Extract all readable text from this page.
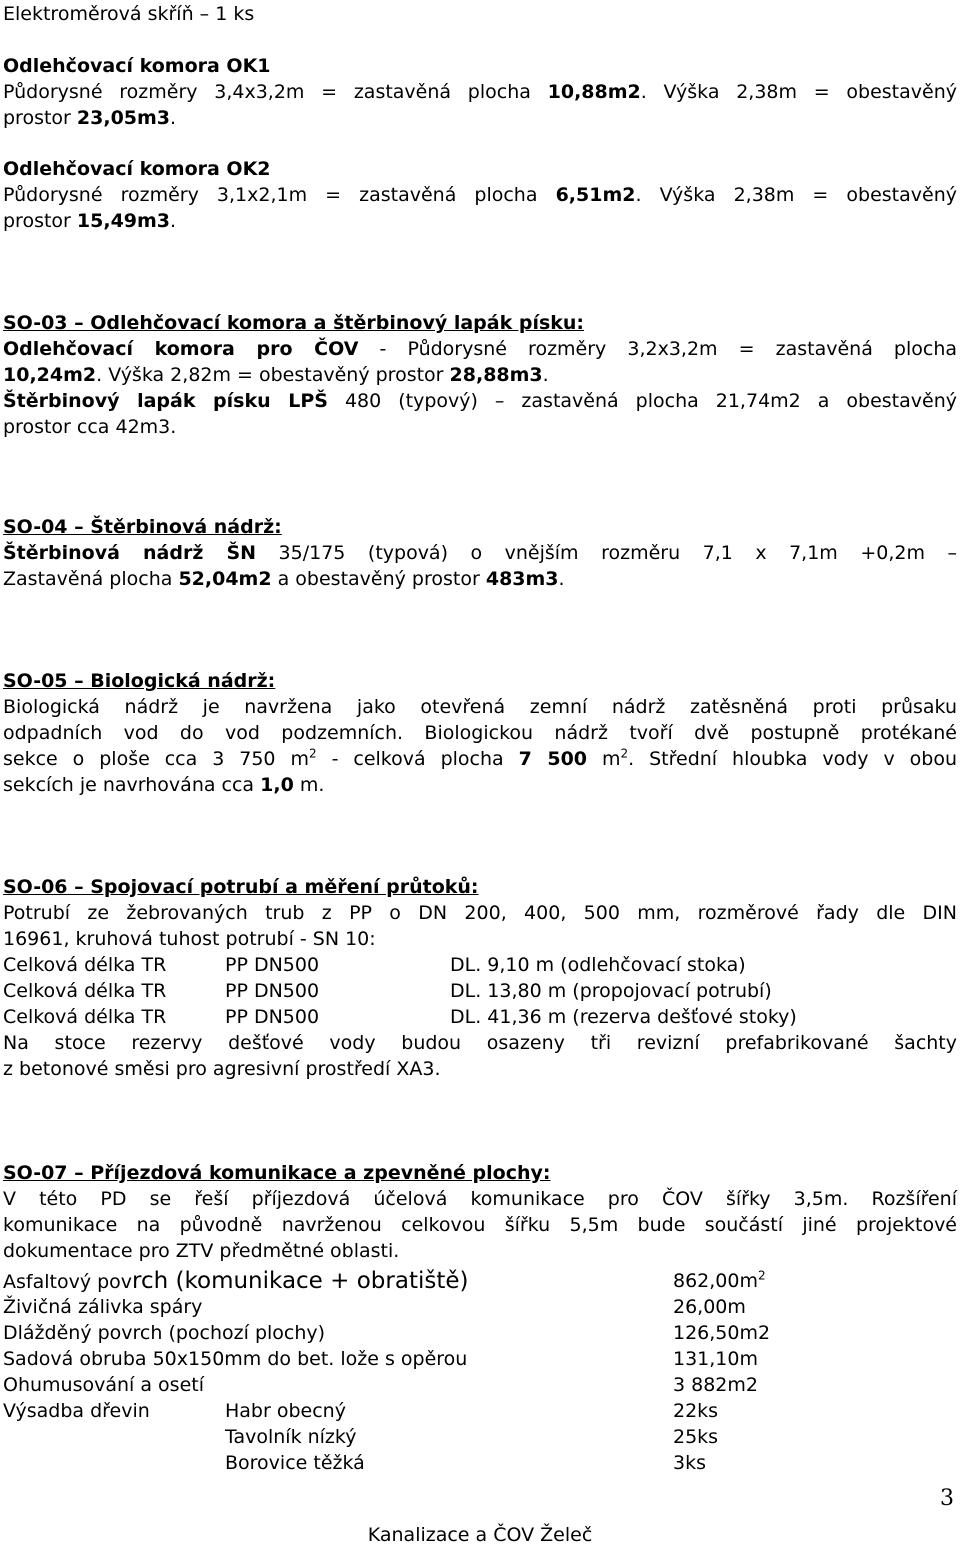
Elektroměrová skříň – 1 ks

Odlehčovací komora OK1

Půdorysné rozměry 3,4x3,2m = zastavěná plocha 10,88m2. Výška 2,38m = obestavěný

prostor 23,05m3.

Odlehčovací komora OK2

Půdorysné rozměry 3,1x2,1m = zastavěná plocha 6,51m2. Výška 2,38m = obestavěný

prostor 15,49m3.

SO-03 – Odlehčovací komora a štěrbinový lapák písku:

Odlehčovací komora pro ČOV - Půdorysné rozměry 3,2x3,2m = zastavěná plocha

10,24m2. Výška 2,82m = obestavěný prostor 28,88m3.

Štěrbinový lapák písku LPŠ 480 (typový) – zastavěná plocha 21,74m2 a obestavěný

prostor cca 42m3.

SO-04 – Štěrbinová nádrž:

Štěrbinová nádrž ŠN 35/175 (typová) o vnějším rozměru 7,1 x 7,1m +0,2m –

Zastavěná plocha 52,04m2 a obestavěný prostor 483m3.

SO-05 – Biologická nádrž:

Biologická nádrž je navržena jako otevřená zemní nádrž zatěsněná proti průsaku

odpadních vod do vod podzemních. Biologickou nádrž tvoří dvě postupně protékané

sekce o ploše cca 3 750 $m^2$ - celková plocha 7 500 $m^2$. Střední hloubka vody v obou

sekcích je navrhována cca 1,0 m.

SO-06 – Spojovací potrubí a měření průtoků:

Potrubí ze žebrovaných trub z PP o DN 200, 400, 500 mm, rozměrové řady dle DIN

16961, kruhová tuhost potrubí - SN 10:

Celková délka TR	PP DN500	DL. 9,10 m (odlehčovací stoka)
Celková délka TR	PP DN500	DL. 13,80 m (propojovací potrubí)
Celková délka TR	PP DN500	DL. 41,36 m (rezerva dešťové stoky)

Na stoce rezervy dešťové vody budou osazeny tři revizní prefabrikované šachty

z betonové směsi pro agresivní prostředí XA3.

SO-07 – Příjezdová komunikace a zpevněné plochy:

V této PD se řeší příjezdová účelová komunikace pro ČOV šířky 3,5m. Rozšíření

komunikace na původně navrženou celkovou šířku 5,5m bude součástí jiné projektové

dokumentace pro ZTV předmětné oblasti.

Asfaltový povrch (komunikace + obratiště)	$862,00m^2$
Živičná zálivka spáry	26,00m
Dlážděný povrch (pochozí plochy)	126,50m2
Sadová obruba 50x150mm do bet. lože s opěrou	131,10m
Ohumusování a osetí	3 882m2
Výsadba dřevin	Habr obecný	22ks
Tavolník nízký	25ks
Borovice těžká	3ks
3
Kanalizace a ČOV Želeč
